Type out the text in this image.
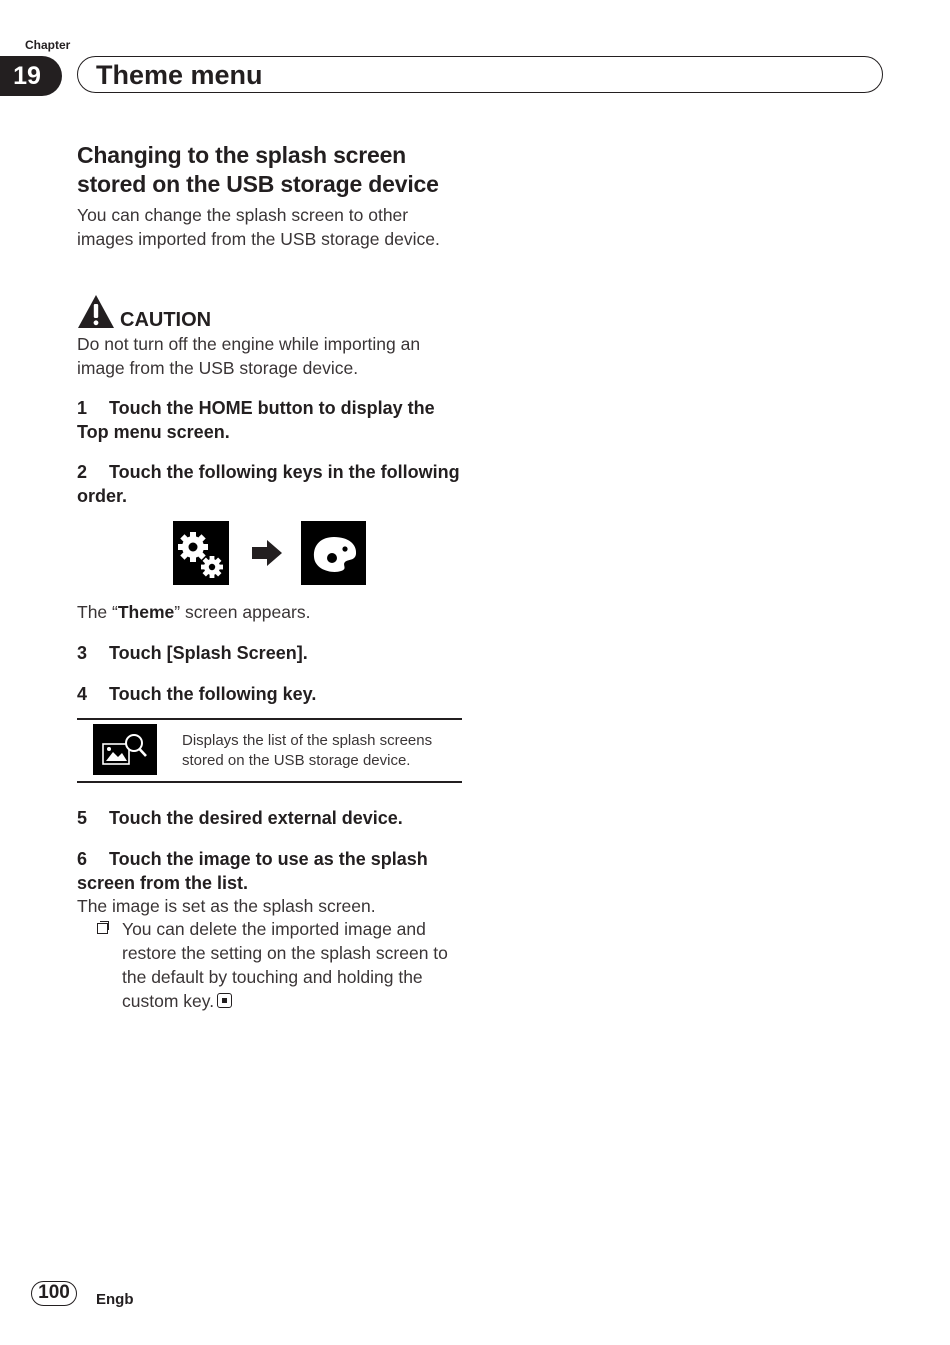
Chapter
19	Theme menu
Changing to the splash screen
stored on the USB storage device
You can change the splash screen to other images imported from the USB storage device.
CAUTION
Do not turn off the engine while importing an image from the USB storage device.
1 Touch the HOME button to display the Top menu screen.
2 Touch the following keys in the following order.
The “Theme” screen appears.
3 Touch [Splash Screen].
4 Touch the following key.
Displays the list of the splash screens stored on the USB storage device.
5 Touch the desired external device.
6 Touch the image to use as the splash screen from the list.
The image is set as the splash screen.
You can delete the imported image and restore the setting on the splash screen to the default by touching and holding the custom key.
100	Engb
